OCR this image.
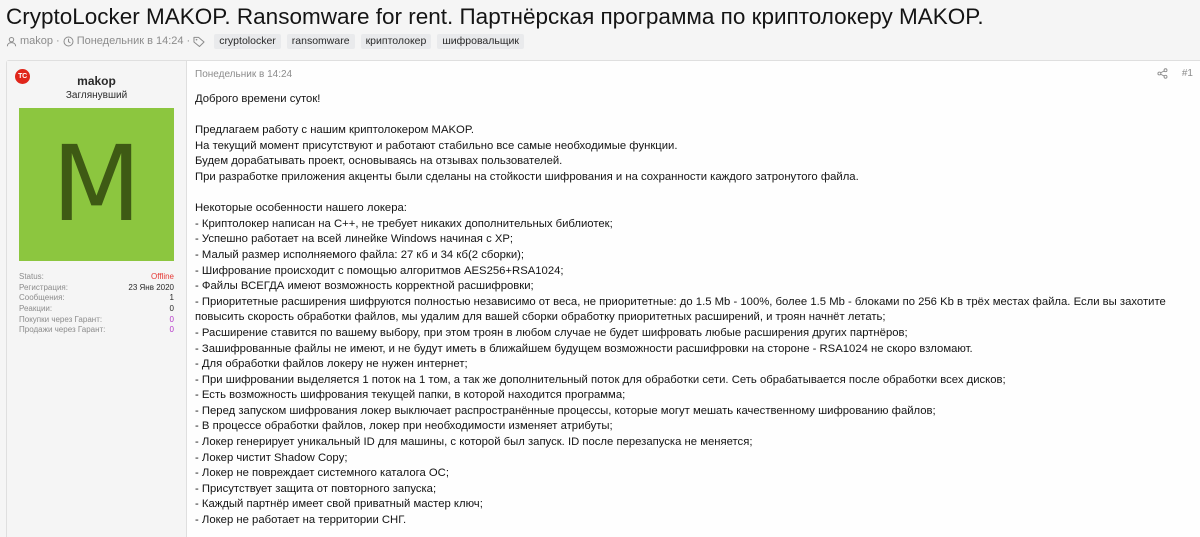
CryptoLocker MAKOP. Ransomware for rent. Партнёрская программа по криптолокеру MAKOP.
makop · Понедельник в 14:24 ·	cryptolocker	ransomware	криптолокер	шифровальщик
TC	makop
Заглянувший
M
Status:	Offline
Регистрация:	23 Янв 2020
Сообщения:	1
Реакции:	0
Покупки через Гарант:	0
Продажи через Гарант:	0
Понедельник в 14:24	#1
Доброго времени суток!
Предлагаем работу с нашим криптолокером MAKOP.
На текущий момент присутствуют и работают стабильно все самые необходимые функции.
Будем дорабатывать проект, основываясь на отзывах пользователей.
При разработке приложения акценты были сделаны на стойкости шифрования и на сохранности каждого затронутого файла.
Некоторые особенности нашего локера:
- Криптолокер написан на C++, не требует никаких дополнительных библиотек;
- Успешно работает на всей линейке Windows начиная с XP;
- Малый размер исполняемого файла: 27 кб и 34 кб(2 сборки);
- Шифрование происходит с помощью алгоритмов AES256+RSA1024;
- Файлы ВСЕГДА имеют возможность корректной расшифровки;
- Приоритетные расширения шифруются полностью независимо от веса, не приоритетные: до 1.5 Mb - 100%, более 1.5 Mb - блоками по 256 Kb в трёх местах файла. Если вы захотите
повысить скорость обработки файлов, мы удалим для вашей сборки обработку приоритетных расширений, и троян начнёт летать;
- Расширение ставится по вашему выбору, при этом троян в любом случае не будет шифровать любые расширения других партнёров;
- Зашифрованные файлы не имеют, и не будут иметь в ближайшем будущем возможности расшифровки на стороне - RSA1024 не скоро взломают.
- Для обработки файлов локеру не нужен интернет;
- При шифровании выделяется 1 поток на 1 том, а так же дополнительный поток для обработки сети. Сеть обрабатывается после обработки всех дисков;
- Есть возможность шифрования текущей папки, в которой находится программа;
- Перед запуском шифрования локер выключает распространённые процессы, которые могут мешать качественному шифрованию файлов;
- В процессе обработки файлов, локер при необходимости изменяет атрибуты;
- Локер генерирует уникальный ID для машины, с которой был запуск. ID после перезапуска не меняется;
- Локер чистит Shadow Copy;
- Локер не повреждает системного каталога ОС;
- Присутствует защита от повторного запуска;
- Каждый партнёр имеет свой приватный мастер ключ;
- Локер не работает на территории СНГ.
